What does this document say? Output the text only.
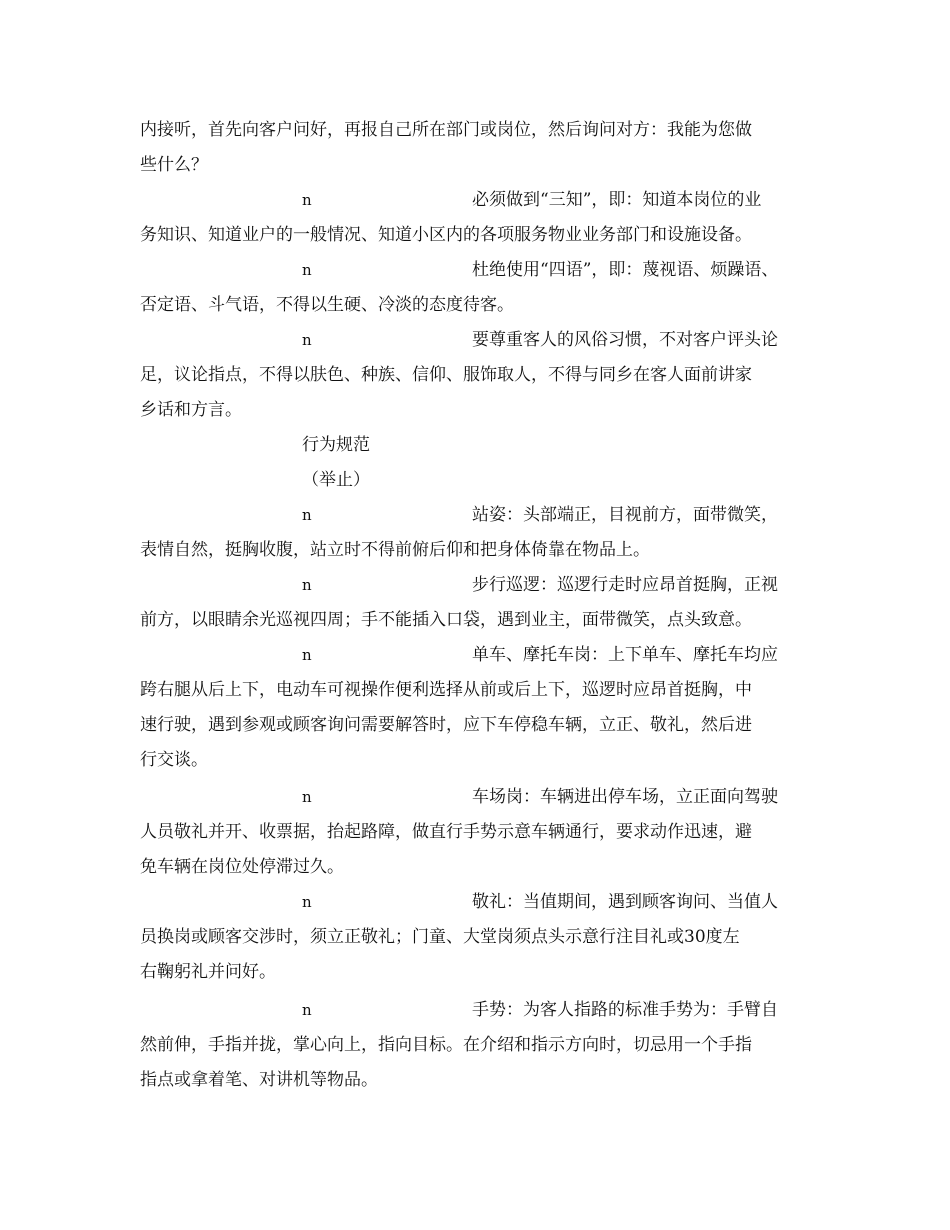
内接听，首先向客户问好，再报自己所在部门或岗位，然后询问对方：我能为您做
些什么？
n	必须做到“三知”，即：知道本岗位的业
务知识、知道业户的一般情况、知道小区内的各项服务物业业务部门和设施设备。
n	杜绝使用“四语”，即：蔑视语、烦躁语、
否定语、斗气语，不得以生硬、冷淡的态度待客。
n	要尊重客人的风俗习惯，不对客户评头论
足，议论指点，不得以肤色、种族、信仰、服饰取人，不得与同乡在客人面前讲家
乡话和方言。
行为规范
（举止）
n	站姿：头部端正，目视前方，面带微笑，
表情自然，挺胸收腹，站立时不得前俯后仰和把身体倚靠在物品上。
n	步行巡逻：巡逻行走时应昂首挺胸，正视
前方，以眼睛余光巡视四周；手不能插入口袋，遇到业主，面带微笑，点头致意。
n	单车、摩托车岗：上下单车、摩托车均应
跨右腿从后上下，电动车可视操作便利选择从前或后上下，巡逻时应昂首挺胸，中
速行驶，遇到参观或顾客询问需要解答时，应下车停稳车辆，立正、敬礼，然后进
行交谈。
n	车场岗：车辆进出停车场，立正面向驾驶
人员敬礼并开、收票据，抬起路障，做直行手势示意车辆通行，要求动作迅速，避
免车辆在岗位处停滞过久。
n	敬礼：当值期间，遇到顾客询问、当值人
员换岗或顾客交涉时，须立正敬礼；门童、大堂岗须点头示意行注目礼或30度左
右鞠躬礼并问好。
n	手势：为客人指路的标准手势为：手臂自
然前伸，手指并拢，掌心向上，指向目标。在介绍和指示方向时，切忌用一个手指
指点或拿着笔、对讲机等物品。
